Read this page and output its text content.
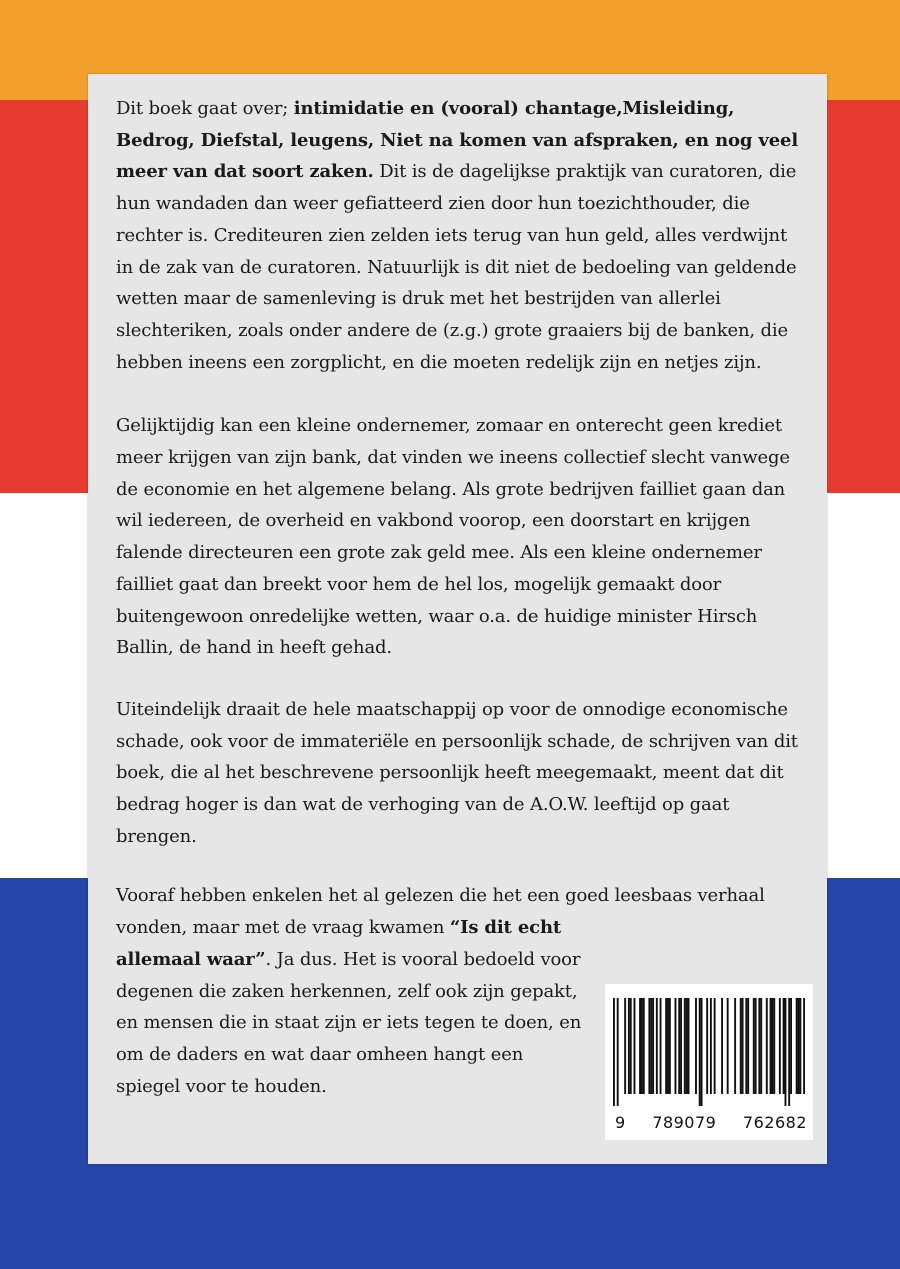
Dit boek gaat over; intimidatie en (vooral) chantage,Misleiding, Bedrog, Diefstal, leugens, Niet na komen van afspraken, en nog veel meer van dat soort zaken. Dit is de dagelijkse praktijk van curatoren, die hun wandaden dan weer gefiatteerd zien door hun toezichthouder, die rechter is. Crediteuren zien zelden iets terug van hun geld, alles verdwijnt in de zak van de curatoren. Natuurlijk is dit niet de bedoeling van geldende wetten maar de samenleving is druk met het bestrijden van allerlei slechteriken, zoals onder andere de (z.g.) grote graaiers bij de banken, die hebben ineens een zorgplicht, en die moeten redelijk zijn en netjes zijn.

Gelijktijdig kan een kleine ondernemer, zomaar en onterecht geen krediet meer krijgen van zijn bank, dat vinden we ineens collectief slecht vanwege de economie en het algemene belang. Als grote bedrijven failliet gaan dan wil iedereen, de overheid en vakbond voorop, een doorstart en krijgen falende directeuren een grote zak geld mee. Als een kleine ondernemer failliet gaat dan breekt voor hem de hel los, mogelijk gemaakt door buitengewoon onredelijke wetten, waar o.a. de huidige minister Hirsch Ballin, de hand in heeft gehad.

Uiteindelijk draait de hele maatschappij op voor de onnodige economische schade, ook voor de immateriële en persoonlijk schade, de schrijven van dit boek, die al het beschrevene persoonlijk heeft meegemaakt, meent dat dit bedrag hoger is dan wat de verhoging van de A.O.W. leeftijd op gaat brengen.

Vooraf hebben enkelen het al gelezen die het een goed leesbaas verhaal vonden, maar met de vraag kwamen “Is dit echt allemaal waar”. Ja dus. Het is vooral bedoeld voor degenen die zaken herkennen, zelf ook zijn gepakt, en mensen die in staat zijn er iets tegen te doen, en om de daders en wat daar omheen hangt een spiegel voor te houden.

9 789079 762682
